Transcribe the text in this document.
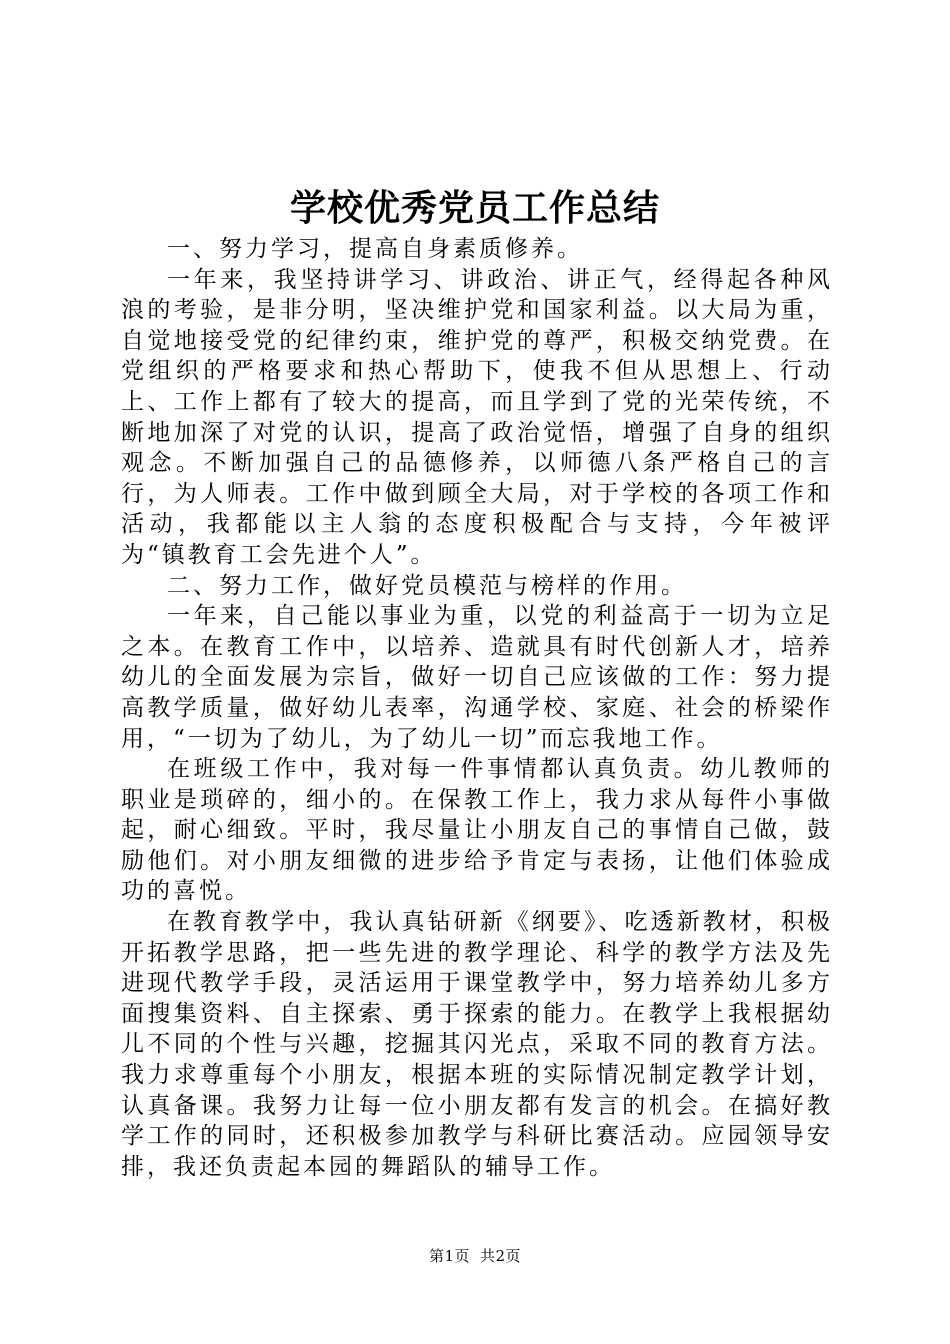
学校优秀党员工作总结

一、努力学习，提高自身素质修养。

一年来，我坚持讲学习、讲政治、讲正气，经得起各种风浪的考验，是非分明，坚决维护党和国家利益。以大局为重，自觉地接受党的纪律约束，维护党的尊严，积极交纳党费。在党组织的严格要求和热心帮助下，使我不但从思想上、行动上、工作上都有了较大的提高，而且学到了党的光荣传统，不断地加深了对党的认识，提高了政治觉悟，增强了自身的组织观念。不断加强自己的品德修养，以师德八条严格自己的言行，为人师表。工作中做到顾全大局，对于学校的各项工作和活动，我都能以主人翁的态度积极配合与支持，今年被评为“镇教育工会先进个人”。

二、努力工作，做好党员模范与榜样的作用。

一年来，自己能以事业为重，以党的利益高于一切为立足之本。在教育工作中，以培养、造就具有时代创新人才，培养幼儿的全面发展为宗旨，做好一切自己应该做的工作：努力提高教学质量，做好幼儿表率，沟通学校、家庭、社会的桥梁作用，“一切为了幼儿，为了幼儿一切”而忘我地工作。

在班级工作中，我对每一件事情都认真负责。幼儿教师的职业是琐碎的，细小的。在保教工作上，我力求从每件小事做起，耐心细致。平时，我尽量让小朋友自己的事情自己做，鼓励他们。对小朋友细微的进步给予肯定与表扬，让他们体验成功的喜悦。

在教育教学中，我认真钻研新《纲要》、吃透新教材，积极开拓教学思路，把一些先进的教学理论、科学的教学方法及先进现代教学手段，灵活运用于课堂教学中，努力培养幼儿多方面搜集资料、自主探索、勇于探索的能力。在教学上我根据幼儿不同的个性与兴趣，挖掘其闪光点，采取不同的教育方法。我力求尊重每个小朋友，根据本班的实际情况制定教学计划，认真备课。我努力让每一位小朋友都有发言的机会。在搞好教学工作的同时，还积极参加教学与科研比赛活动。应园领导安排，我还负责起本园的舞蹈队的辅导工作。

第1页 共2页
